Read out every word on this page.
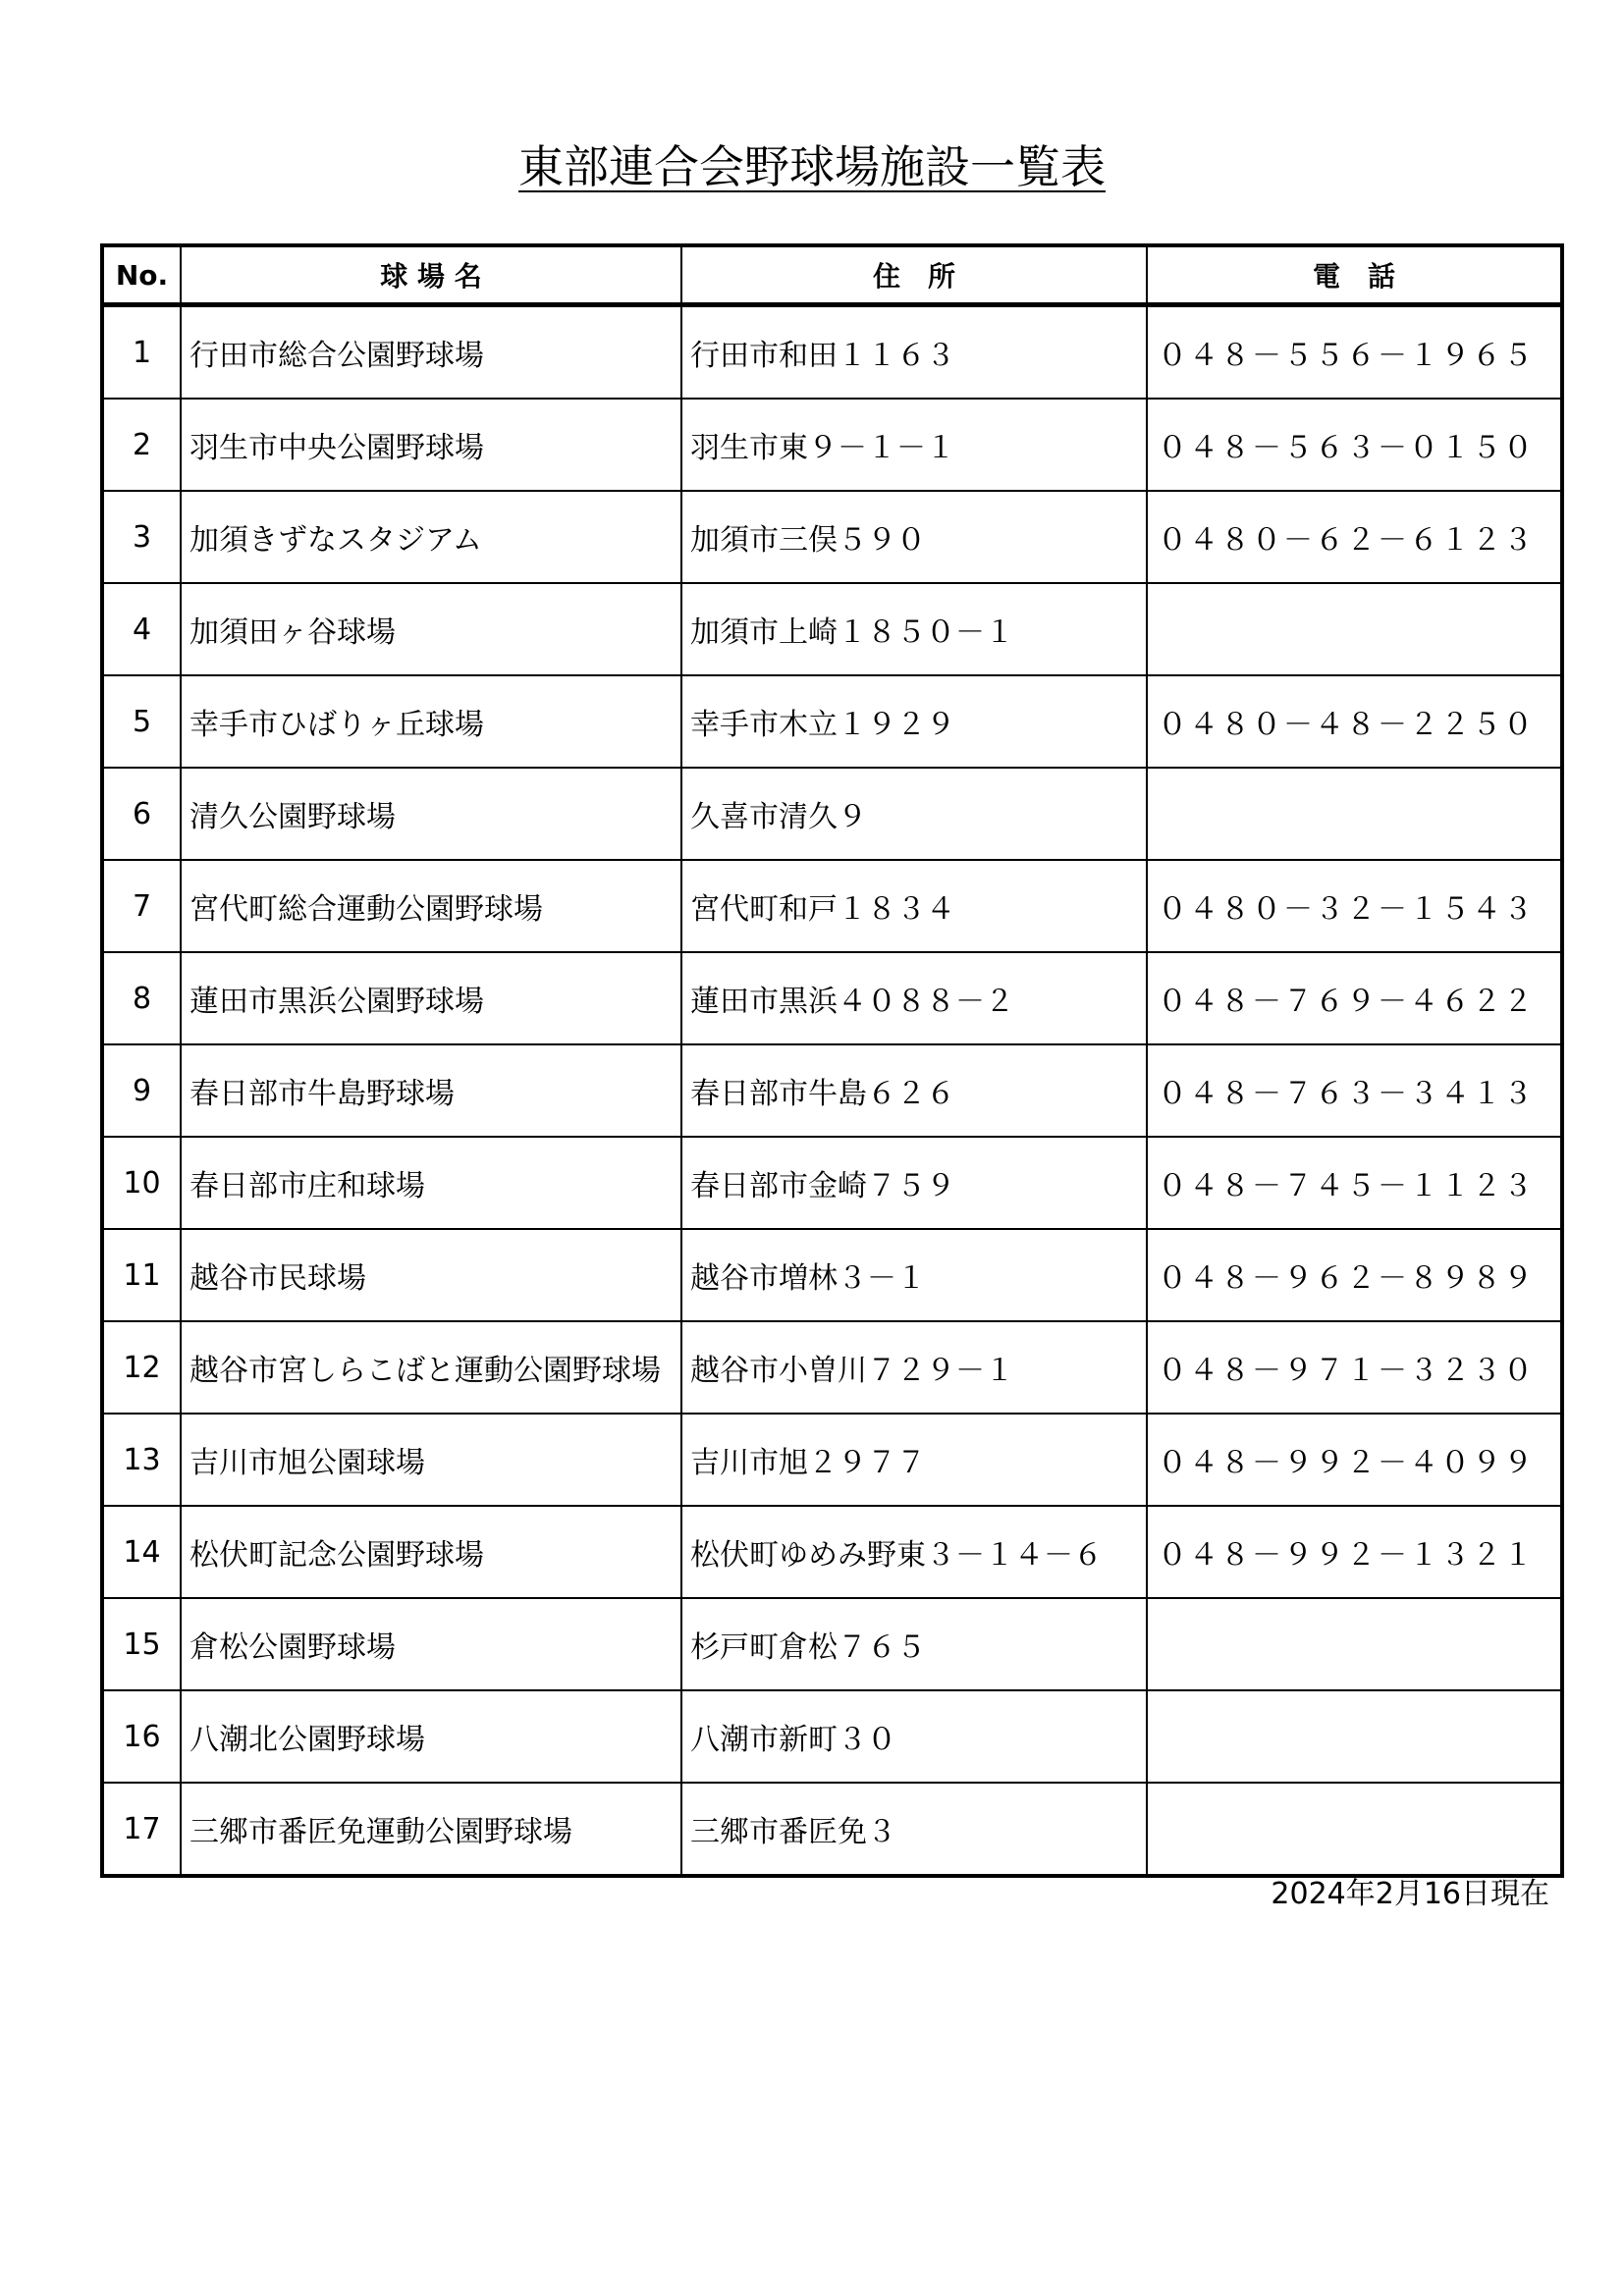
東部連合会野球場施設一覧表
No.	球 場 名	住　所	電　話
1	行田市総合公園野球場	行田市和田１１６３	０４８－５５６－１９６５
2	羽生市中央公園野球場	羽生市東９－１－１	０４８－５６３－０１５０
3	加須きずなスタジアム	加須市三俣５９０	０４８０－６２－６１２３
4	加須田ヶ谷球場	加須市上崎１８５０－１	
5	幸手市ひばりヶ丘球場	幸手市木立１９２９	０４８０－４８－２２５０
6	清久公園野球場	久喜市清久９	
7	宮代町総合運動公園野球場	宮代町和戸１８３４	０４８０－３２－１５４３
8	蓮田市黒浜公園野球場	蓮田市黒浜４０８８－２	０４８－７６９－４６２２
9	春日部市牛島野球場	春日部市牛島６２６	０４８－７６３－３４１３
10	春日部市庄和球場	春日部市金崎７５９	０４８－７４５－１１２３
11	越谷市民球場	越谷市増林３－１	０４８－９６２－８９８９
12	越谷市宮しらこばと運動公園野球場	越谷市小曽川７２９－１	０４８－９７１－３２３０
13	吉川市旭公園球場	吉川市旭２９７７	０４８－９９２－４０９９
14	松伏町記念公園野球場	松伏町ゆめみ野東３－１４－６	０４８－９９２－１３２１
15	倉松公園野球場	杉戸町倉松７６５	
16	八潮北公園野球場	八潮市新町３０	
17	三郷市番匠免運動公園野球場	三郷市番匠免３	
2024年2月16日現在
